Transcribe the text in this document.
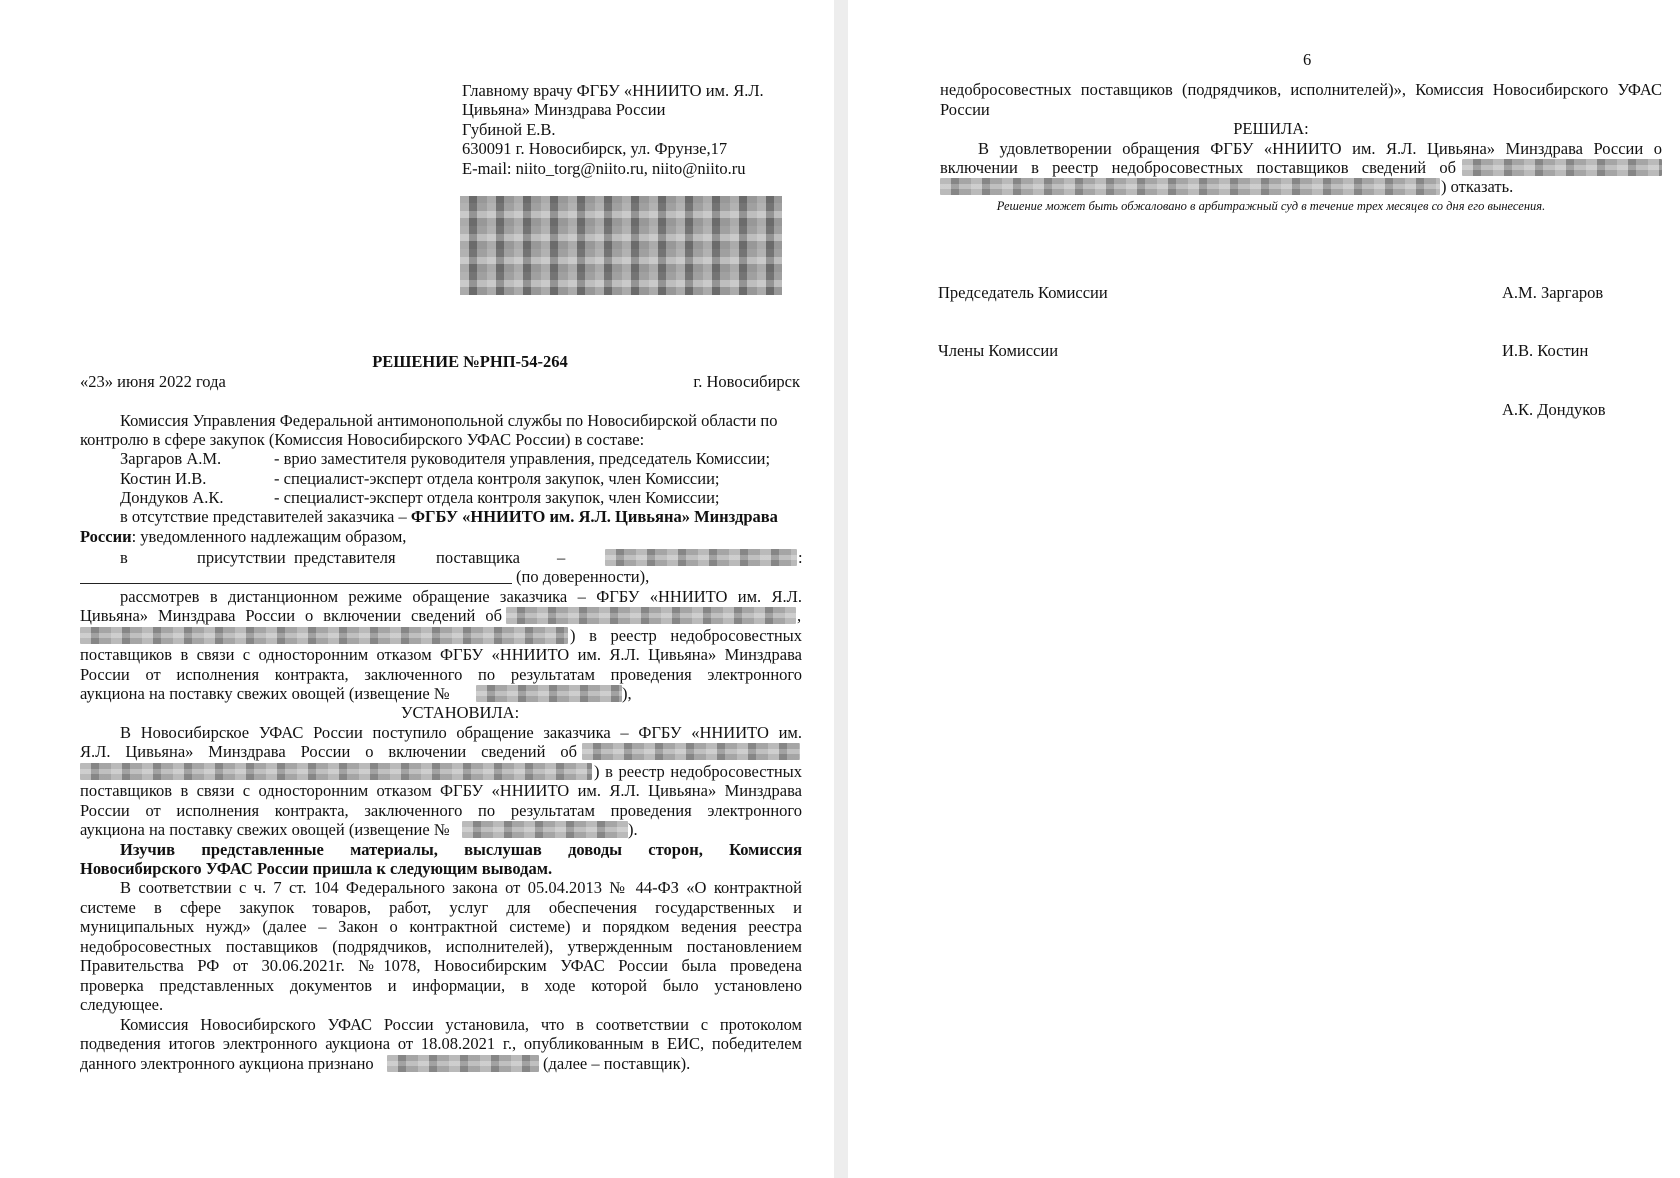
Главному врачу ФГБУ «ННИИТО им. Я.Л.

Цивьяна» Минздрава России

Губиной Е.В.

630091 г. Новосибирск, ул. Фрунзе,17

E-mail: niito_torg@niito.ru, niito@niito.ru

РЕШЕНИЕ №РНП-54-264

«23» июня 2022 года	г. Новосибирск

Комиссия Управления Федеральной антимонопольной службы по Новосибирской области по

контролю в сфере закупок (Комиссия Новосибирского УФАС России) в составе:

Заргаров А.М.	- врио заместителя руководителя управления, председатель Комиссии;

Костин И.В.	- специалист-эксперт отдела контроля закупок, член Комиссии;

Дондуков А.К.	- специалист-эксперт отдела контроля закупок, член Комиссии;

в отсутствие представителей заказчика – ФГБУ «ННИИТО им. Я.Л. Цивьяна» Минздрава

России: уведомленного надлежащим образом,

в	присутствии представителя поставщика –	:

(по доверенности),

рассмотрев в дистанционном режиме обращение заказчика – ФГБУ «ННИИТО им. Я.Л.

Цивьяна» Минздрава России о включении сведений об	,

) в реестр недобросовестных

поставщиков в связи с односторонним отказом ФГБУ «ННИИТО им. Я.Л. Цивьяна» Минздрава

России от исполнения контракта, заключенного по результатам проведения электронного

аукциона на поставку свежих овощей (извещение №	),

УСТАНОВИЛА:

В Новосибирское УФАС России поступило обращение заказчика – ФГБУ «ННИИТО им.

Я.Л. Цивьяна» Минздрава России о включении сведений об

) в реестр недобросовестных

поставщиков в связи с односторонним отказом ФГБУ «ННИИТО им. Я.Л. Цивьяна» Минздрава

России от исполнения контракта, заключенного по результатам проведения электронного

аукциона на поставку свежих овощей (извещение №	).

Изучив представленные материалы, выслушав доводы сторон, Комиссия

Новосибирского УФАС России пришла к следующим выводам.

В соответствии с ч. 7 ст. 104 Федерального закона от 05.04.2013 № 44-ФЗ «О контрактной

системе в сфере закупок товаров, работ, услуг для обеспечения государственных и

муниципальных нужд» (далее – Закон о контрактной системе) и порядком ведения реестра

недобросовестных поставщиков (подрядчиков, исполнителей), утвержденным постановлением

Правительства РФ от 30.06.2021г. №1078, Новосибирским УФАС России была проведена

проверка представленных документов и информации, в ходе которой было установлено

следующее.

Комиссия Новосибирского УФАС России установила, что в соответствии с протоколом

подведения итогов электронного аукциона от 18.08.2021 г., опубликованным в ЕИС, победителем

данного электронного аукциона признано	(далее – поставщик).

6

недобросовестных поставщиков (подрядчиков, исполнителей)», Комиссия Новосибирского УФАС

России

РЕШИЛА:

В удовлетворении обращения ФГБУ «ННИИТО им. Я.Л. Цивьяна» Минздрава России о

включении в реестр недобросовестных поставщиков сведений об

) отказать.

Решение может быть обжаловано в арбитражный суд в течение трех месяцев со дня его вынесения.

Председатель Комиссии	А.М. Заргаров

Члены Комиссии	И.В. Костин

А.К. Дондуков
